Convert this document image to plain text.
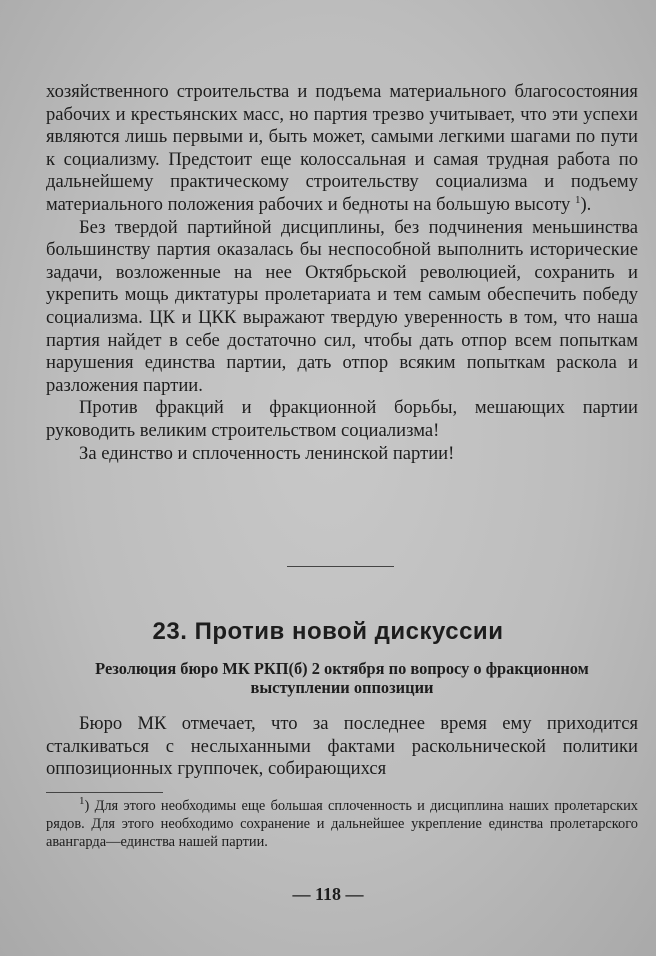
хозяйственного строительства и подъема материального благосостояния рабочих и крестьянских масс, но партия трезво учитывает, что эти успехи являются лишь первыми и, быть может, самыми легкими шагами по пути к социализму. Предстоит еще колоссальная и самая трудная работа по дальнейшему практическому строительству социализма и подъему материального положения рабочих и бедноты на большую высоту $^1$).

Без твердой партийной дисциплины, без подчинения меньшинства большинству партия оказалась бы неспособной выполнить исторические задачи, возложенные на нее Октябрьской революцией, сохранить и укрепить мощь диктатуры пролетариата и тем самым обеспечить победу социализма. ЦК и ЦКК выражают твердую уверенность в том, что наша партия найдет в себе достаточно сил, чтобы дать отпор всем попыткам нарушения единства партии, дать отпор всяким попыткам раскола и разложения партии.

Против фракций и фракционной борьбы, мешающих партии руководить великим строительством социализма!

За единство и сплоченность ленинской партии!

23. Против новой дискуссии
Резолюция бюро МК РКП(б) 2 октября по вопросу о фракционном выступлении оппозиции

Бюро МК отмечает, что за последнее время ему приходится сталкиваться с неслыханными фактами раскольнической политики оппозиционных группочек, собирающихся

$^1$) Для этого необходимы еще большая сплоченность и дисциплина наших пролетарских рядов. Для этого необходимо сохранение и дальнейшее укрепление единства пролетарского авангарда—единства нашей партии.

— 118 —
